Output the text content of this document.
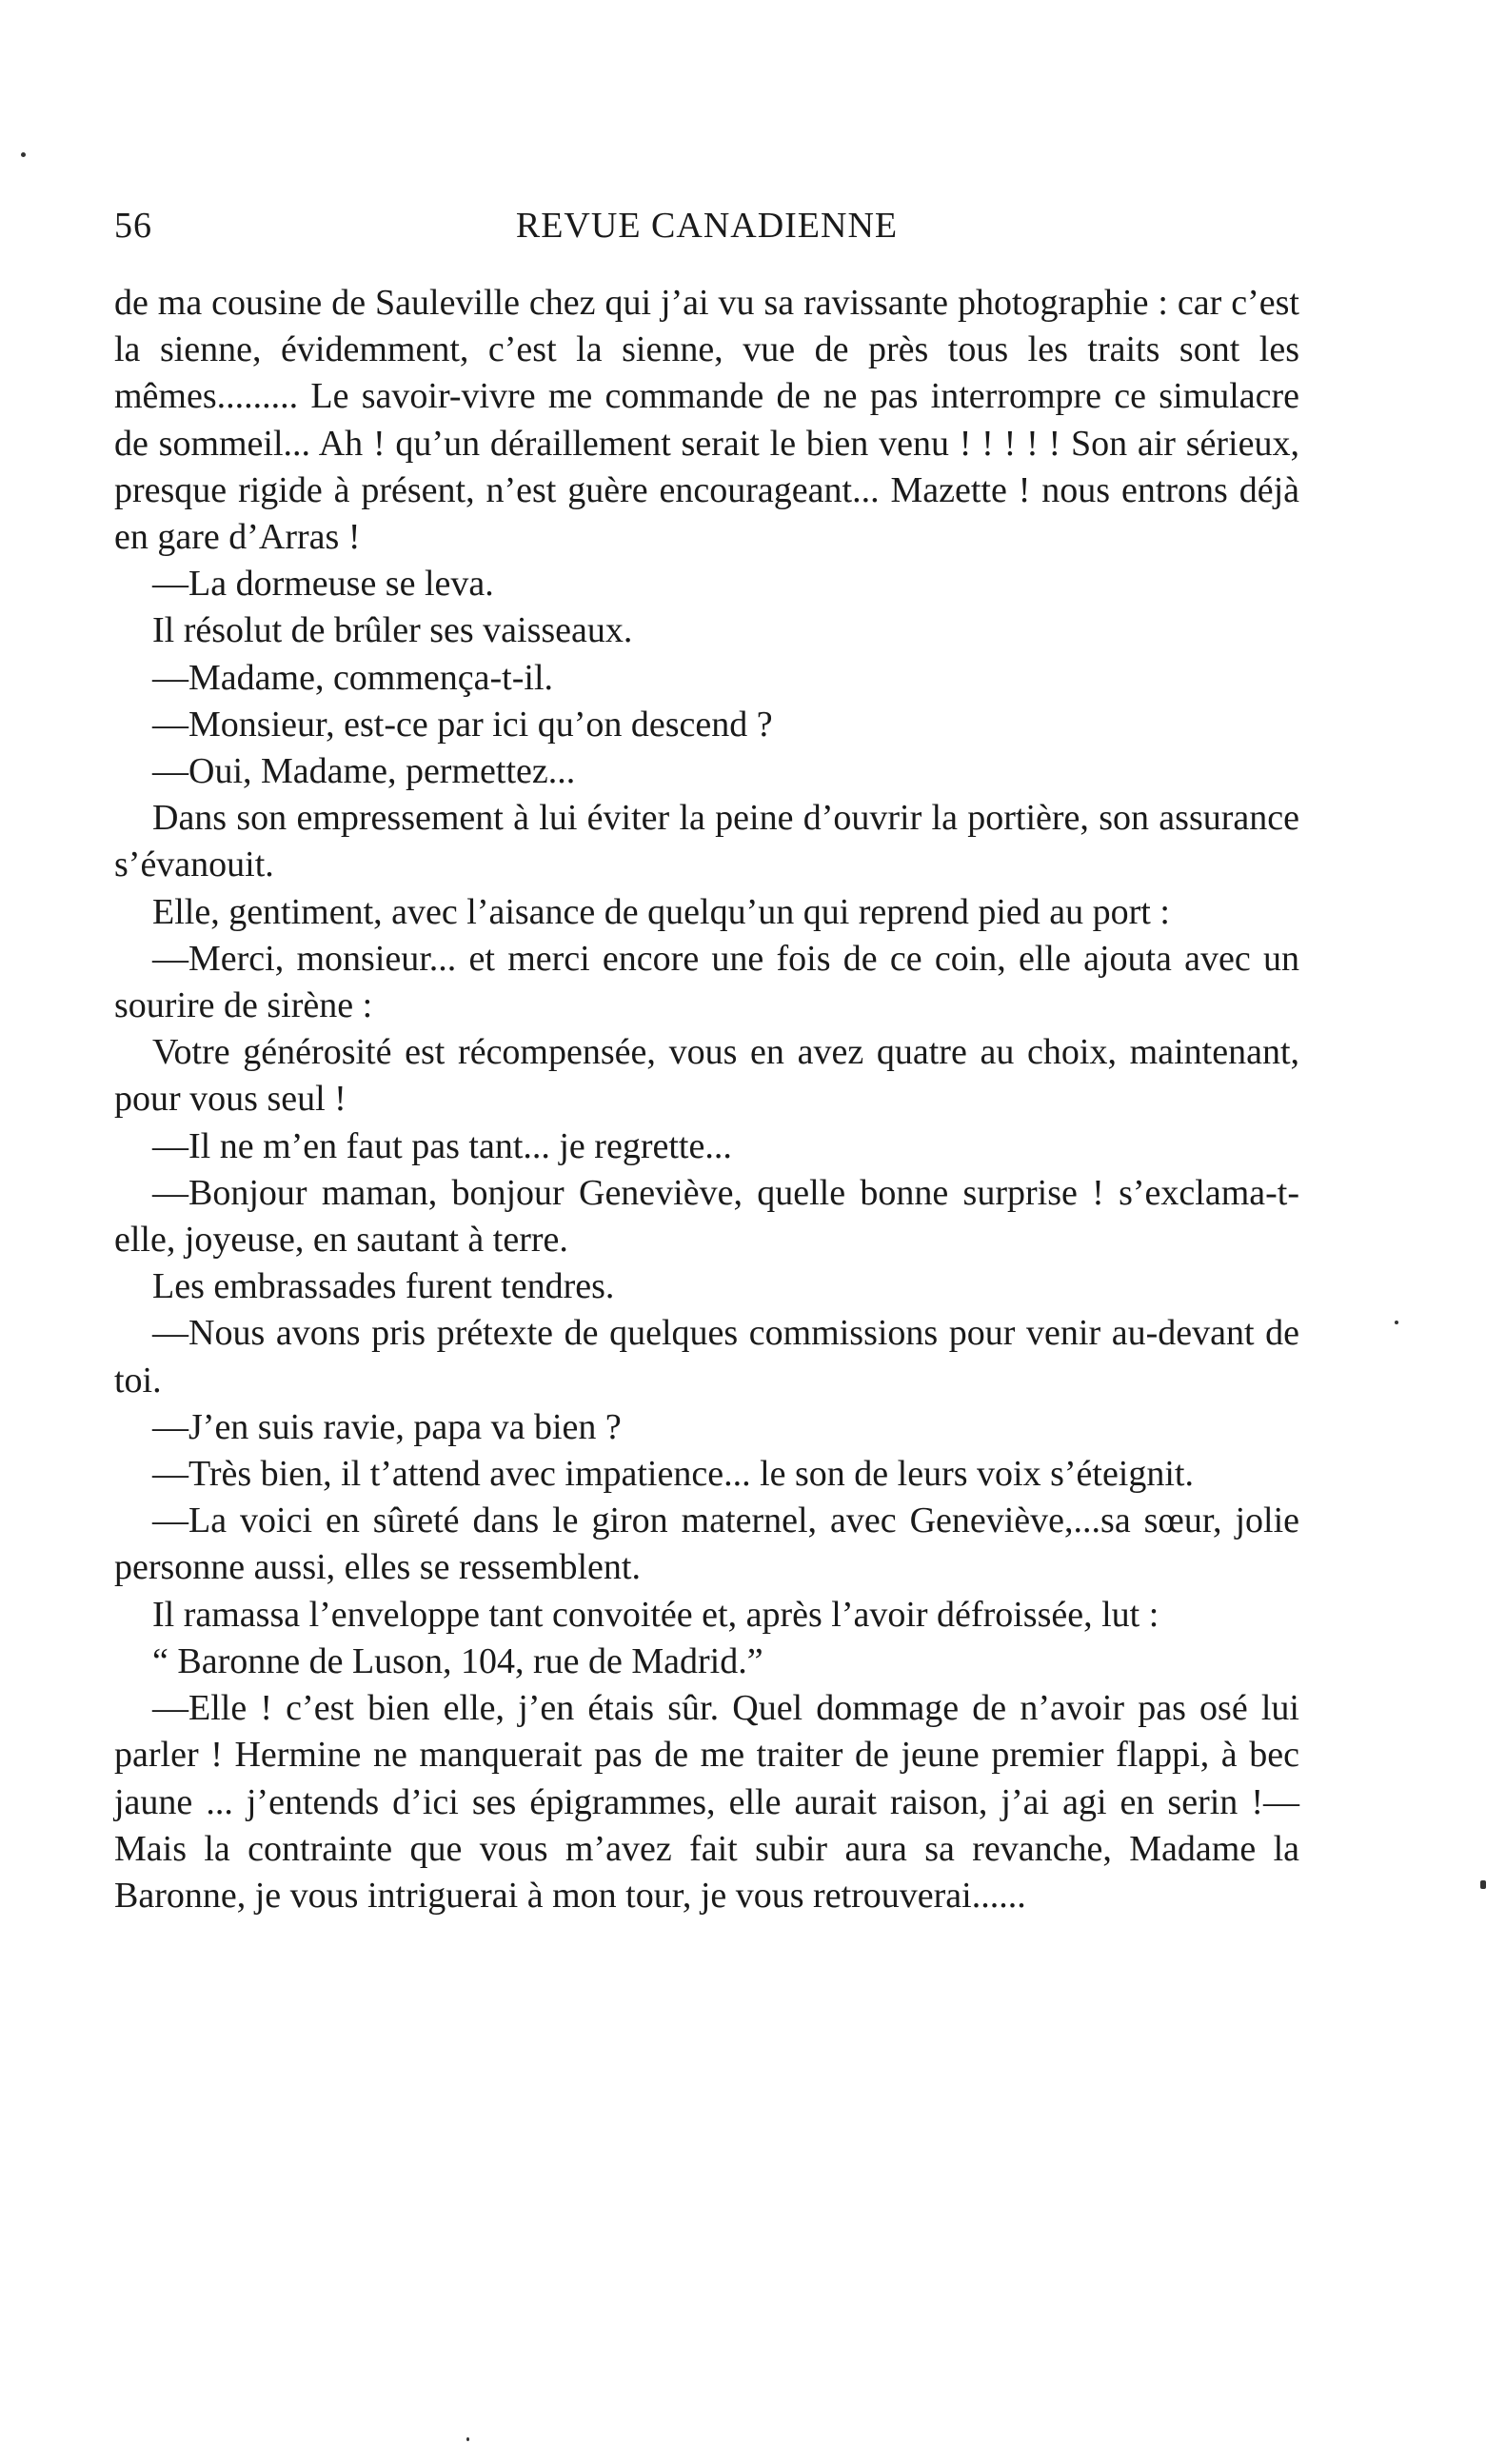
56	REVUE CANADIENNE

de ma cousine de Sauleville chez qui j’ai vu sa ravissante photographie : car c’est la sienne, évidemment, c’est la sienne, vue de près tous les traits sont les mêmes......... Le savoir-vivre me commande de ne pas interrompre ce simulacre de sommeil... Ah ! qu’un déraillement serait le bien venu ! ! ! ! ! Son air sérieux, presque rigide à présent, n’est guère encourageant... Mazette ! nous entrons déjà en gare d’Arras !

—La dormeuse se leva.

Il résolut de brûler ses vaisseaux.

—Madame, commença-t-il.

—Monsieur, est-ce par ici qu’on descend ?

—Oui, Madame, permettez...

Dans son empressement à lui éviter la peine d’ouvrir la portière, son assurance s’évanouit.

Elle, gentiment, avec l’aisance de quelqu’un qui reprend pied au port :

—Merci, monsieur... et merci encore une fois de ce coin, elle ajouta avec un sourire de sirène :

Votre générosité est récompensée, vous en avez quatre au choix, maintenant, pour vous seul !

—Il ne m’en faut pas tant... je regrette...

—Bonjour maman, bonjour Geneviève, quelle bonne surprise ! s’exclama-t-elle, joyeuse, en sautant à terre.

Les embrassades furent tendres.

—Nous avons pris prétexte de quelques commissions pour venir au-devant de toi.

—J’en suis ravie, papa va bien ?

—Très bien, il t’attend avec impatience... le son de leurs voix s’éteignit.

—La voici en sûreté dans le giron maternel, avec Geneviève,...sa sœur, jolie personne aussi, elles se ressemblent.

Il ramassa l’enveloppe tant convoitée et, après l’avoir défroissée, lut :

“ Baronne de Luson, 104, rue de Madrid.”

—Elle ! c’est bien elle, j’en étais sûr. Quel dommage de n’avoir pas osé lui parler ! Hermine ne manquerait pas de me traiter de jeune premier flappi, à bec jaune ... j’entends d’ici ses épigrammes, elle aurait raison, j’ai agi en serin !—Mais la contrainte que vous m’avez fait subir aura sa revanche, Madame la Baronne, je vous intriguerai à mon tour, je vous retrouverai......
